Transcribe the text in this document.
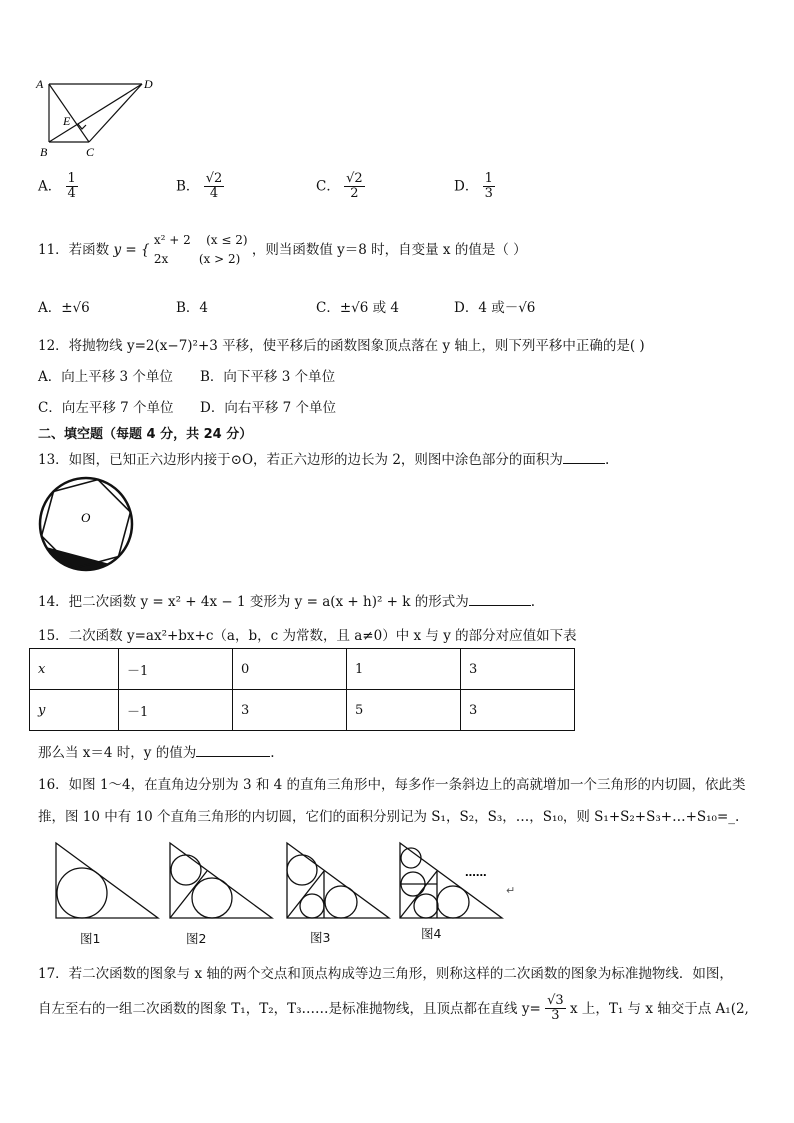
A	D
B	C
E
A． $\frac{1}{4}$	B． $\frac{√2}{4}$	C． $\frac{√2}{2}$	D． $\frac{1}{3}$
11．若函数 y = {
x² + 2 (x ≤ 2)
2x	(x > 2)
，则当函数值 y＝8 时，自变量 x 的值是（ ）
A．±√6	B．4	C．±√6 或 4	D．4 或－√6
12．将抛物线 y=2(x−7)²+3 平移，使平移后的函数图象顶点落在 y 轴上，则下列平移中正确的是( )
A．向上平移 3 个单位 B．向下平移 3 个单位
C．向左平移 7 个单位 D．向右平移 7 个单位
二、填空题（每题 4 分，共 24 分）
13．如图，已知正六边形内接于⊙O，若正六边形的边长为 2，则图中涂色部分的面积为	.
O
14．把二次函数 y = x² + 4x − 1 变形为 y = a(x + h)² + k 的形式为	.
15．二次函数 y=ax²+bx+c（a，b，c 为常数，且 a≠0）中 x 与 y 的部分对应值如下表
x	－1	0	1	3
y	－1	3	5	3
那么当 x＝4 时，y 的值为	.
16．如图 1～4，在直角边分别为 3 和 4 的直角三角形中，每多作一条斜边上的高就增加一个三角形的内切圆，依此类
推，图 10 中有 10 个直角三角形的内切圆，它们的面积分别记为 S₁，S₂，S₃，…，S₁₀，则 S₁+S₂+S₃+…+S₁₀=_.
......
↵
图1	图2	图3	图4
17．若二次函数的图象与 x 轴的两个交点和顶点构成等边三角形，则称这样的二次函数的图象为标准抛物线．如图，
自左至右的一组二次函数的图象 T₁，T₂，T₃……是标准抛物线，且顶点都在直线 $y= \frac{√3}{3}$ x 上，T₁ 与 x 轴交于点 A₁(2,
